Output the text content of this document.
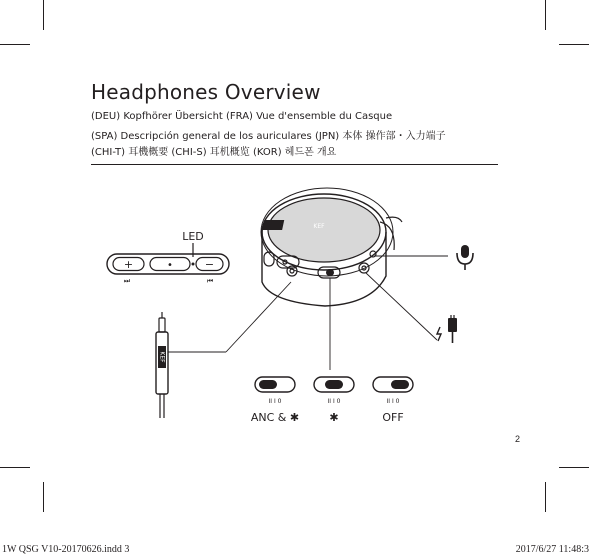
Headphones Overview
(DEU) Kopfhörer Übersicht (FRA) Vue d'ensemble du Casque
(SPA) Descripción general de los auriculares (JPN) 本体 操作部・入力端子
(CHI-T) 耳機概要 (CHI-S) 耳机概览 (KOR) 헤드폰 개요
+	•	−
LED
⏭	⏮
KEF
KEF
II I 0
ANC & ✱
II I 0
✱
II I 0
OFF
2
1W QSG V10-20170626.indd 3	2017/6/27 11:48:3
